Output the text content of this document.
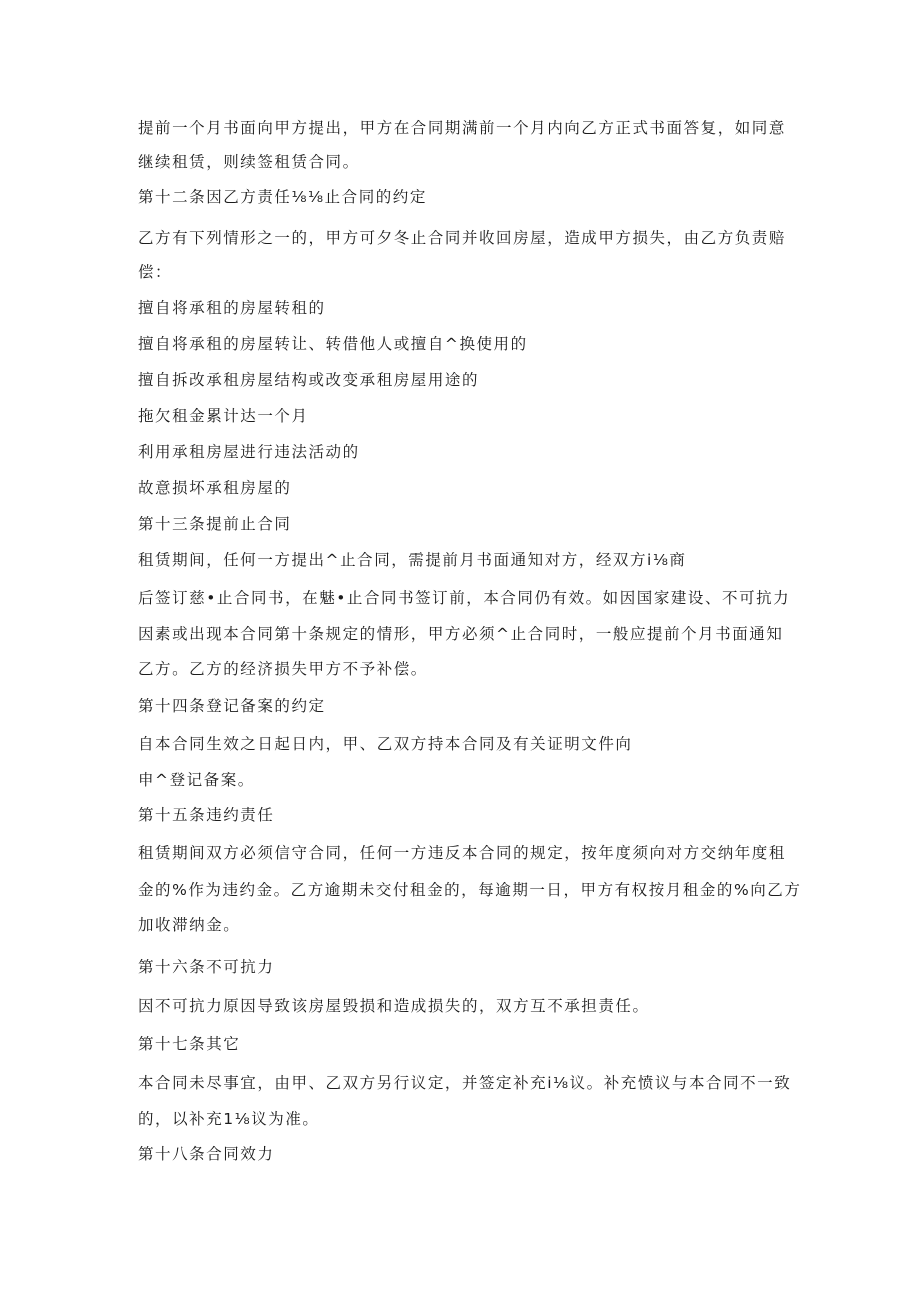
提前一个月书面向甲方提出，甲方在合同期满前一个月内向乙方正式书面答复，如同意

继续租赁，则续签租赁合同。

第十二条因乙方责任⅛⅛止合同的约定

乙方有下列情形之一的，甲方可夕冬止合同并收回房屋，造成甲方损失，由乙方负责赔

偿：

擅自将承租的房屋转租的

擅自将承租的房屋转让、转借他人或擅自^换使用的

擅自拆改承租房屋结构或改变承租房屋用途的

拖欠租金累计达一个月

利用承租房屋进行违法活动的

故意损坏承租房屋的

第十三条提前止合同

租赁期间，任何一方提出^止合同，需提前月书面通知对方，经双方i⅛商

后签订慈•止合同书，在魅•止合同书签订前，本合同仍有效。如因国家建设、不可抗力

因素或出现本合同第十条规定的情形，甲方必须^止合同时，一般应提前个月书面通知

乙方。乙方的经济损失甲方不予补偿。

第十四条登记备案的约定

自本合同生效之日起日内，甲、乙双方持本合同及有关证明文件向

申^登记备案。

第十五条违约责任

租赁期间双方必须信守合同，任何一方违反本合同的规定，按年度须向对方交纳年度租

金的%作为违约金。乙方逾期未交付租金的，每逾期一日，甲方有权按月租金的%向乙方

加收滞纳金。

第十六条不可抗力

因不可抗力原因导致该房屋毁损和造成损失的，双方互不承担责任。

第十七条其它

本合同未尽事宜，由甲、乙双方另行议定，并签定补充i⅛议。补充愤议与本合同不一致

的，以补充1⅛议为准。

第十八条合同效力
